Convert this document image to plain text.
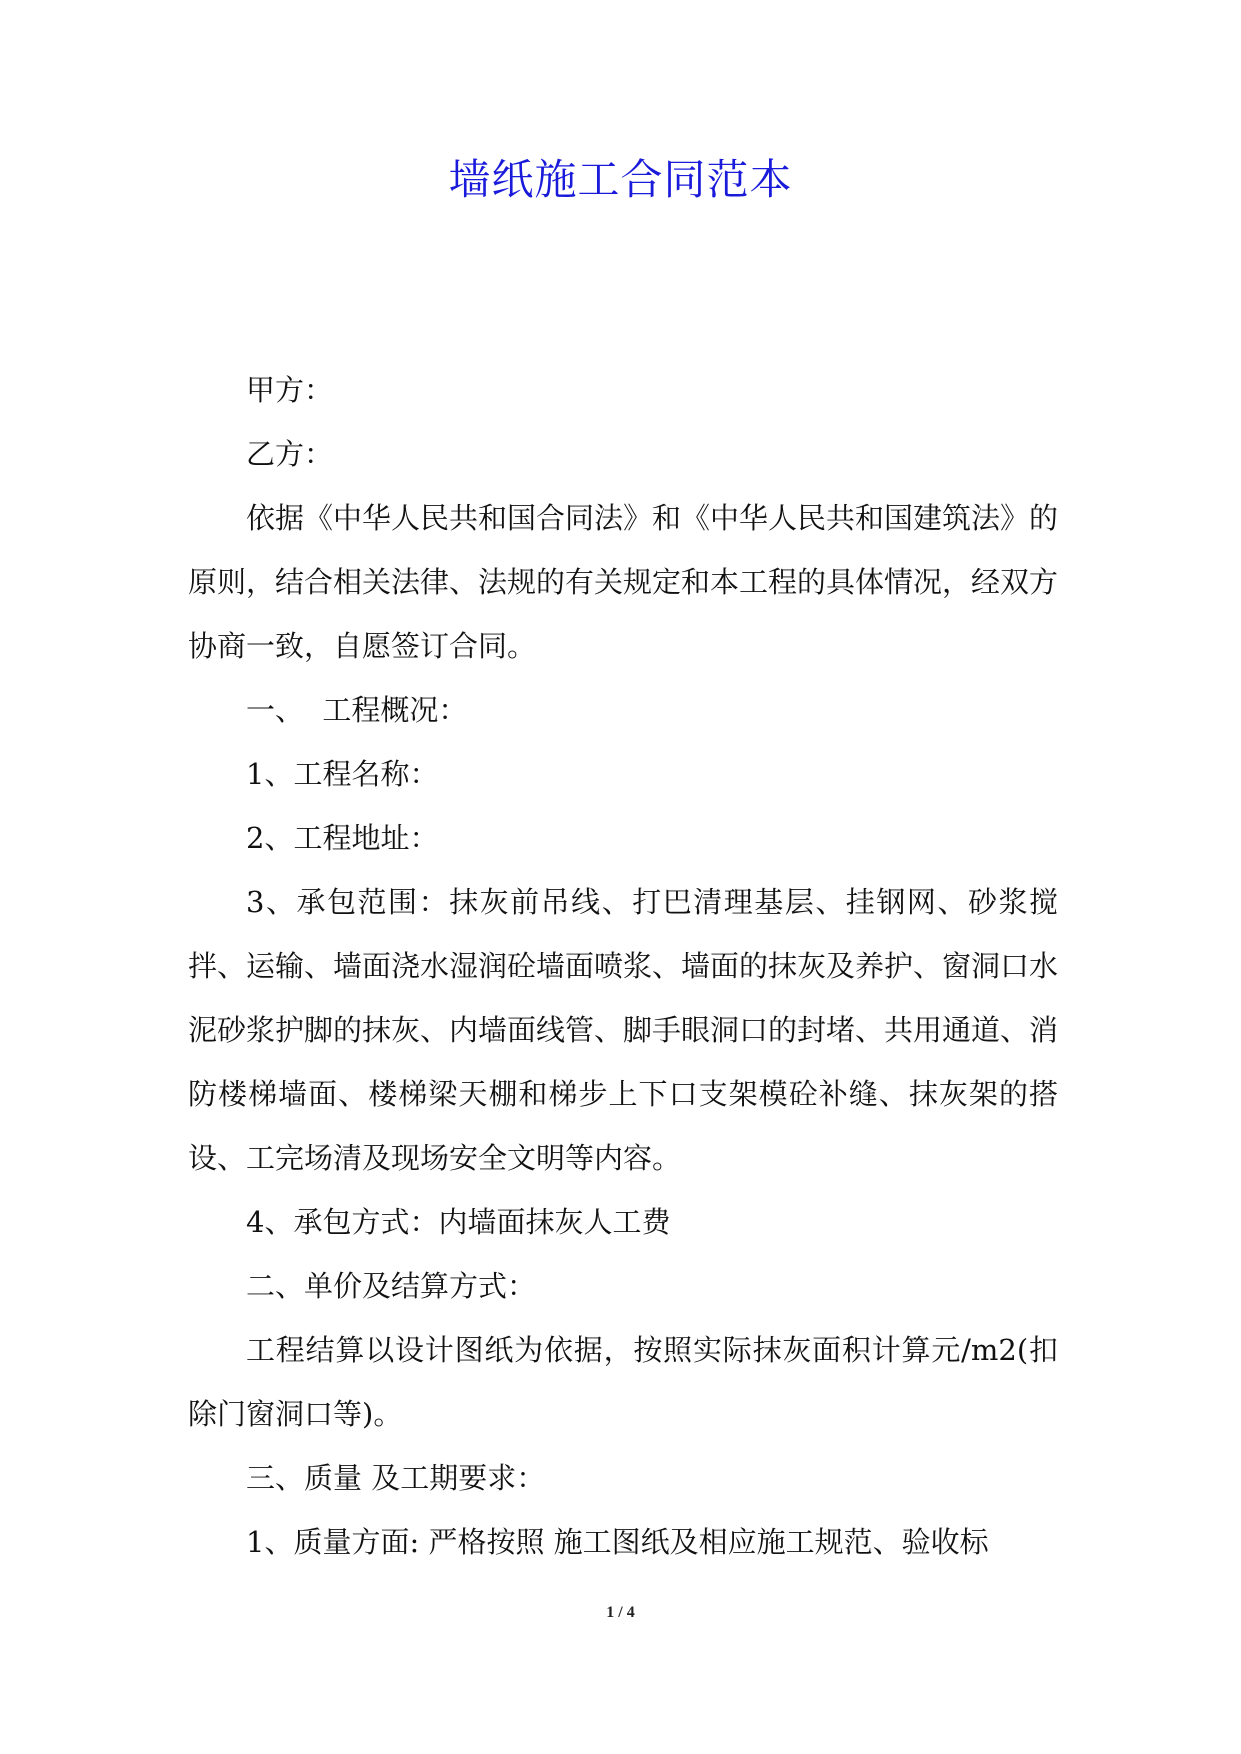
墙纸施工合同范本

甲方：

乙方：

依据《中华人民共和国合同法》和《中华人民共和国建筑法》的原则，结合相关法律、法规的有关规定和本工程的具体情况，经双方协商一致，自愿签订合同。

一、  工程概况：

1、工程名称：

2、工程地址：

3、承包范围：抹灰前吊线、打巴清理基层、挂钢网、砂浆搅拌、运输、墙面浇水湿润砼墙面喷浆、墙面的抹灰及养护、窗洞口水泥砂浆护脚的抹灰、内墙面线管、脚手眼洞口的封堵、共用通道、消防楼梯墙面、楼梯梁天棚和梯步上下口支架模砼补缝、抹灰架的搭设、工完场清及现场安全文明等内容。

4、承包方式：内墙面抹灰人工费

二、单价及结算方式：

工程结算以设计图纸为依据，按照实际抹灰面积计算元/m2(扣除门窗洞口等)。

三、质量 及工期要求：

1、质量方面: 严格按照 施工图纸及相应施工规范、验收标

1 / 4
